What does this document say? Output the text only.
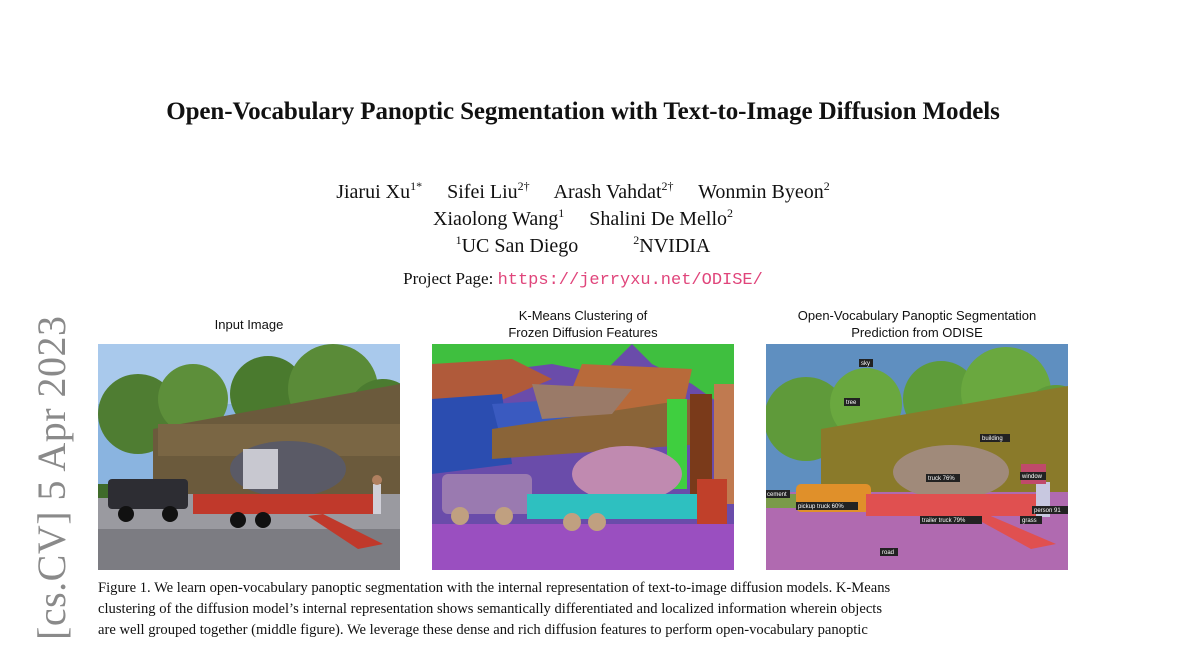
[cs.CV] 5 Apr 2023
Open-Vocabulary Panoptic Segmentation with Text-to-Image Diffusion Models
Jiarui $Xu^{1*}$ Sifei Liu$^{2\dagger}$ Arash Vahdat$^{2\dagger}$ Wonmin Byeon$^2$
Xiaolong Wang$^1$ Shalini De Mello$^2$
$^1$UC San Diego	$^2$NVIDIA
Project Page: https://jerryxu.net/ODISE/
Input Image
K-Means Clustering of
Frozen Diffusion Features
Open-Vocabulary Panoptic Segmentation
Prediction from ODISE
sky
tree
building
window
truck 76%
pickup truck 60%
trailer truck 79%
person 91
grass
road
cement
Figure 1. We learn open-vocabulary panoptic segmentation with the internal representation of text-to-image diffusion models. K-Means
clustering of the diffusion model’s internal representation shows semantically differentiated and localized information wherein objects
are well grouped together (middle figure). We leverage these dense and rich diffusion features to perform open-vocabulary panoptic
